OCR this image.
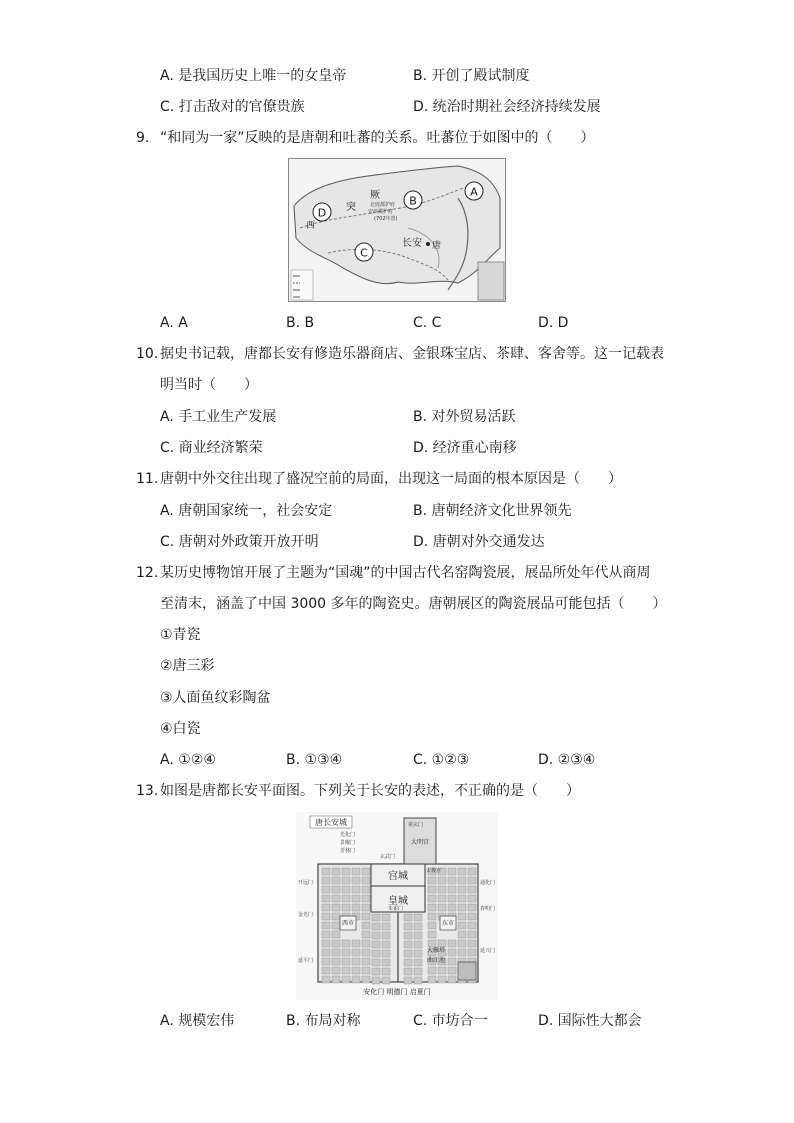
A. 是我国历史上唯一的女皇帝	B. 开创了殿试制度
C. 打击敌对的官僚贵族	D. 统治时期社会经济持续发展
9. “和同为一家”反映的是唐朝和吐蕃的关系。吐蕃位于如图中的（　　）
A
B
C
D 突
厥
西
北庭都护府
安西都护府
(702年置)
长安 唐
A. A	B. B	C. C	D. D
10. 据史书记载，唐都长安有修造乐器商店、金银珠宝店、茶肆、客舍等。这一记载表
明当时（　　）
A. 手工业生产发展	B. 对外贸易活跃
C. 商业经济繁荣	D. 经济重心南移
11. 唐朝中外交往出现了盛况空前的局面，出现这一局面的根本原因是（　　）
A. 唐朝国家统一，社会安定	B. 唐朝经济文化世界领先
C. 唐朝对外政策开放开明	D. 唐朝对外交通发达
12. 某历史博物馆开展了主题为“国魂”的中国古代名窑陶瓷展，展品所处年代从商周
至清末，涵盖了中国 3000 多年的陶瓷史。唐朝展区的陶瓷展品可能包括（　　）
①青瓷
②唐三彩
③人面鱼纹彩陶盆
④白瓷
A. ①②④	B. ①③④	C. ①②③	D. ②③④
13. 如图是唐都长安平面图。下列关于长安的表述，不正确的是（　　）
唐长安城
宫城
皇城
大明宫
东市
西市
大雁塔
曲江池
安化门 明德门 启夏门
开远门
金光门
延平门
通化门
春明门
延兴门
光化门
景曜门
芳林门
玄武门
重玄门
朱雀门
太极宫
A. 规模宏伟	B. 布局对称	C. 市坊合一	D. 国际性大都会
